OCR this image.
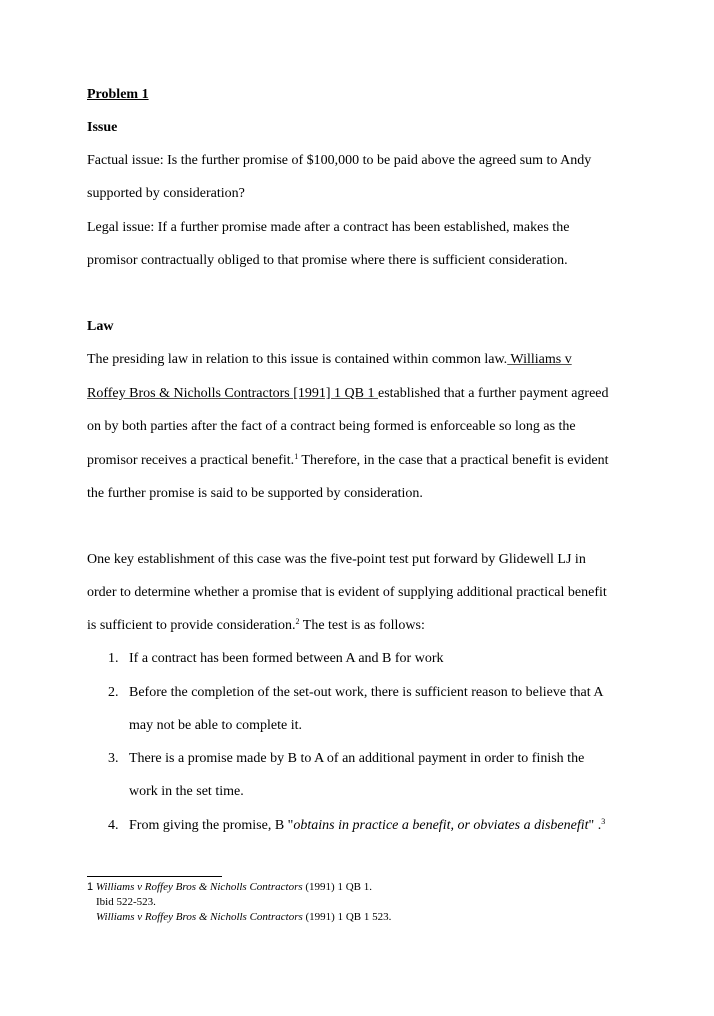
Problem 1
Issue
Factual issue: Is the further promise of $100,000 to be paid above the agreed sum to Andy
supported by consideration?
Legal issue: If a further promise made after a contract has been established, makes the
promisor contractually obliged to that promise where there is sufficient consideration.
Law
The presiding law in relation to this issue is contained within common law. Williams v
Roffey Bros & Nicholls Contractors [1991] 1 QB 1 established that a further payment agreed
on by both parties after the fact of a contract being formed is enforceable so long as the
promisor receives a practical benefit.$^1$ Therefore, in the case that a practical benefit is evident
the further promise is said to be supported by consideration.
One key establishment of this case was the five-point test put forward by Glidewell LJ in
order to determine whether a promise that is evident of supplying additional practical benefit
is sufficient to provide consideration.$^2$ The test is as follows:
1. If a contract has been formed between A and B for work
2. Before the completion of the set-out work, there is sufficient reason to believe that A
may not be able to complete it.
3. There is a promise made by B to A of an additional payment in order to finish the
work in the set time.
4. From giving the promise, B "obtains in practice a benefit, or obviates a disbenefit" .$^3$
1 Williams v Roffey Bros & Nicholls Contractors (1991) 1 QB 1.
Ibid 522-523.
Williams v Roffey Bros & Nicholls Contractors (1991) 1 QB 1 523.
